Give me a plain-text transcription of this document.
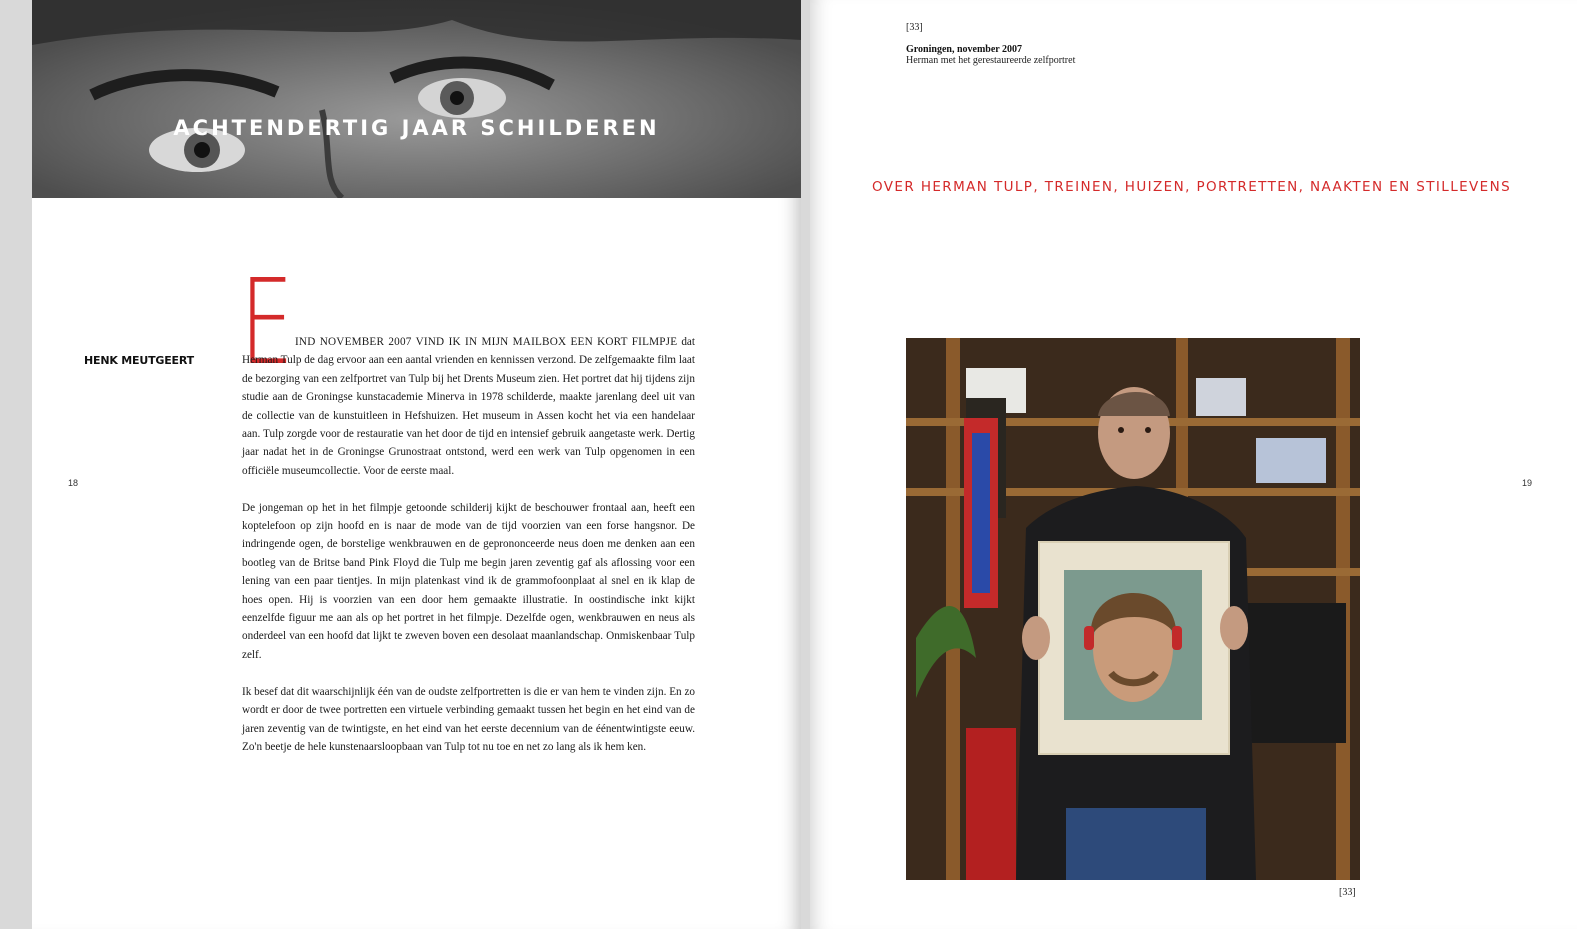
ACHTENDERTIG JAAR SCHILDEREN
HENK MEUTGEERT
18
E IND NOVEMBER 2007 VIND IK IN MIJN MAILBOX EEN KORT FILMPJE dat Herman Tulp de dag ervoor aan een aantal vrienden en kennissen verzond. De zelfgemaakte film laat de bezorging van een zelfportret van Tulp bij het Drents Museum zien. Het portret dat hij tijdens zijn studie aan de Groningse kunstacademie Minerva in 1978 schilderde, maakte jarenlang deel uit van de collectie van de kunstuitleen in Hefshuizen. Het museum in Assen kocht het via een handelaar aan. Tulp zorgde voor de restauratie van het door de tijd en intensief gebruik aangetaste werk. Dertig jaar nadat het in de Groningse Grunostraat ontstond, werd een werk van Tulp opgenomen in een officiële museumcollectie. Voor de eerste maal.

De jongeman op het in het filmpje getoonde schilderij kijkt de beschouwer frontaal aan, heeft een koptelefoon op zijn hoofd en is naar de mode van de tijd voorzien van een forse hangsnor. De indringende ogen, de borstelige wenkbrauwen en de geprononceerde neus doen me denken aan een bootleg van de Britse band Pink Floyd die Tulp me begin jaren zeventig gaf als aflossing voor een lening van een paar tientjes. In mijn platenkast vind ik de grammofoonplaat al snel en ik klap de hoes open. Hij is voorzien van een door hem gemaakte illustratie. In oostindische inkt kijkt eenzelfde figuur me aan als op het portret in het filmpje. Dezelfde ogen, wenkbrauwen en neus als onderdeel van een hoofd dat lijkt te zweven boven een desolaat maanlandschap. Onmiskenbaar Tulp zelf.

Ik besef dat dit waarschijnlijk één van de oudste zelfportretten is die er van hem te vinden zijn. En zo wordt er door de twee portretten een virtuele verbinding gemaakt tussen het begin en het eind van de jaren zeventig van de twintigste, en het eind van het eerste decennium van de éénentwintigste eeuw. Zo'n beetje de hele kunstenaarsloopbaan van Tulp tot nu toe en net zo lang als ik hem ken.

[33]
Groningen, november 2007
Herman met het gerestaureerde zelfportret
OVER HERMAN TULP, TREINEN, HUIZEN, PORTRETTEN, NAAKTEN EN STILLEVENS
[33]
19
